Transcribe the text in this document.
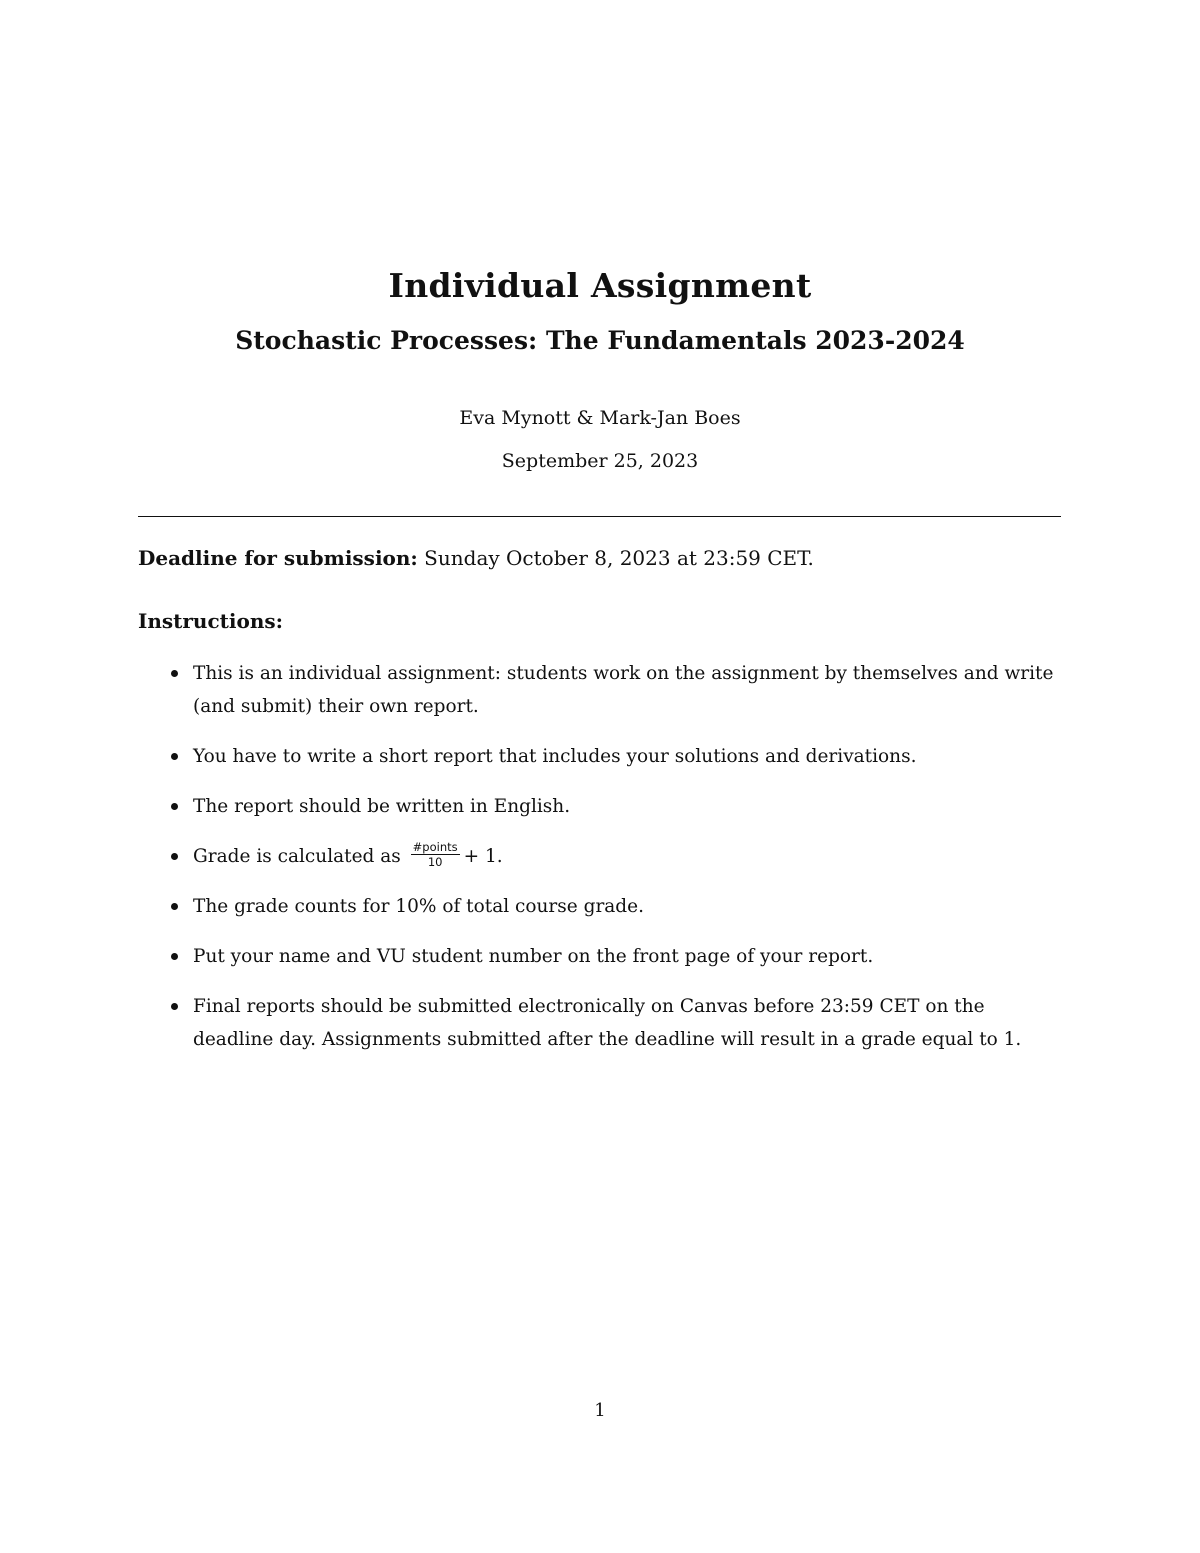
Individual Assignment
Stochastic Processes: The Fundamentals 2023-2024
Eva Mynott & Mark-Jan Boes
September 25, 2023
Deadline for submission: Sunday October 8, 2023 at 23:59 CET.
Instructions:
This is an individual assignment: students work on the assignment by themselves and write (and submit) their own report.
You have to write a short report that includes your solutions and derivations.
The report should be written in English.
Grade is calculated as $\frac{\text{\#points}}{10} + 1$.
The grade counts for 10% of total course grade.
Put your name and VU student number on the front page of your report.
Final reports should be submitted electronically on Canvas before 23:59 CET on the deadline day. Assignments submitted after the deadline will result in a grade equal to 1.
1
